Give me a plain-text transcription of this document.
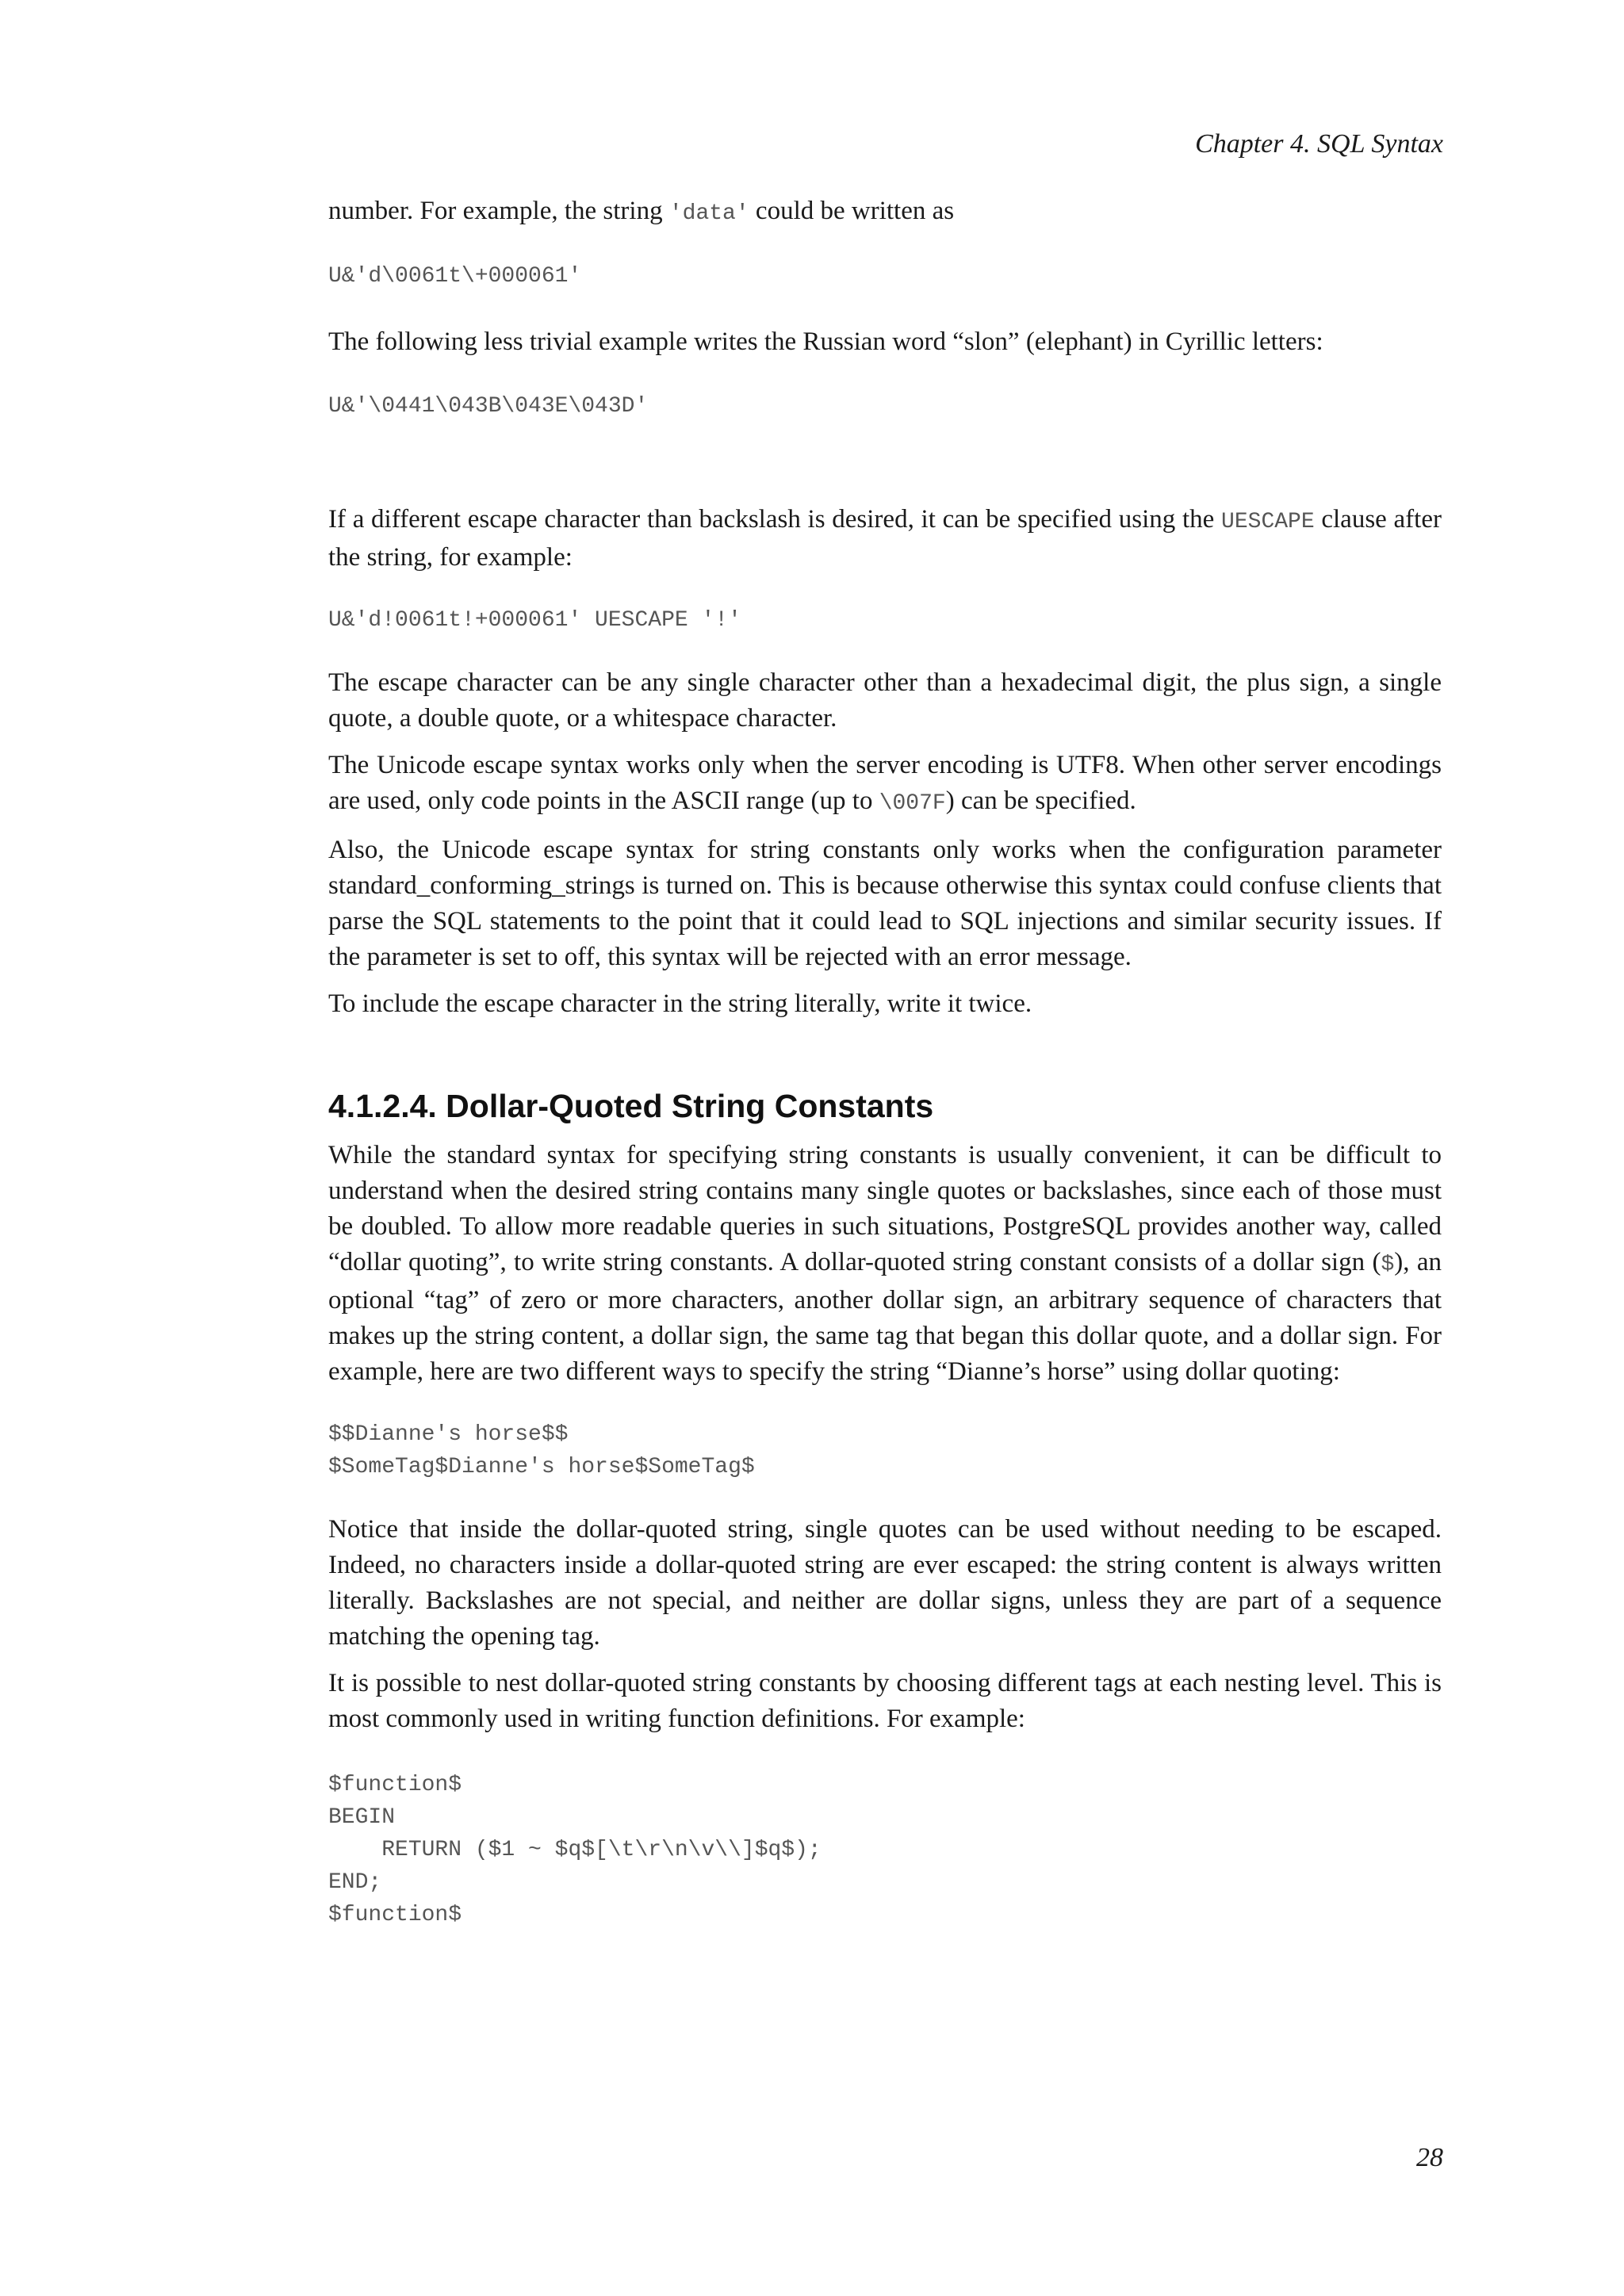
Chapter 4. SQL Syntax

number. For example, the string 'data' could be written as

U&'d\0061t\+000061'

The following less trivial example writes the Russian word “slon” (elephant) in Cyrillic letters:

U&'\0441\043B\043E\043D'

If a different escape character than backslash is desired, it can be specified using the UESCAPE clause after the string, for example:

U&'d!0061t!+000061' UESCAPE '!'

The escape character can be any single character other than a hexadecimal digit, the plus sign, a single quote, a double quote, or a whitespace character.

The Unicode escape syntax works only when the server encoding is UTF8. When other server encodings are used, only code points in the ASCII range (up to \007F) can be specified.

Also, the Unicode escape syntax for string constants only works when the configuration parameter standard_conforming_strings is turned on. This is because otherwise this syntax could confuse clients that parse the SQL statements to the point that it could lead to SQL injections and similar security issues. If the parameter is set to off, this syntax will be rejected with an error message.

To include the escape character in the string literally, write it twice.

4.1.2.4. Dollar-Quoted String Constants

While the standard syntax for specifying string constants is usually convenient, it can be difficult to understand when the desired string contains many single quotes or backslashes, since each of those must be doubled. To allow more readable queries in such situations, PostgreSQL provides another way, called “dollar quoting”, to write string constants. A dollar-quoted string constant consists of a dollar sign ($), an optional “tag” of zero or more characters, another dollar sign, an arbitrary sequence of characters that makes up the string content, a dollar sign, the same tag that began this dollar quote, and a dollar sign. For example, here are two different ways to specify the string “Dianne’s horse” using dollar quoting:

$$Dianne's horse$$
$SomeTag$Dianne's horse$SomeTag$

Notice that inside the dollar-quoted string, single quotes can be used without needing to be escaped. Indeed, no characters inside a dollar-quoted string are ever escaped: the string content is always written literally. Backslashes are not special, and neither are dollar signs, unless they are part of a sequence matching the opening tag.

It is possible to nest dollar-quoted string constants by choosing different tags at each nesting level. This is most commonly used in writing function definitions. For example:

$function$
BEGIN
RETURN ($1 ~ $q$[\t\r\n\v\\]$q$);
END;
$function$
28
